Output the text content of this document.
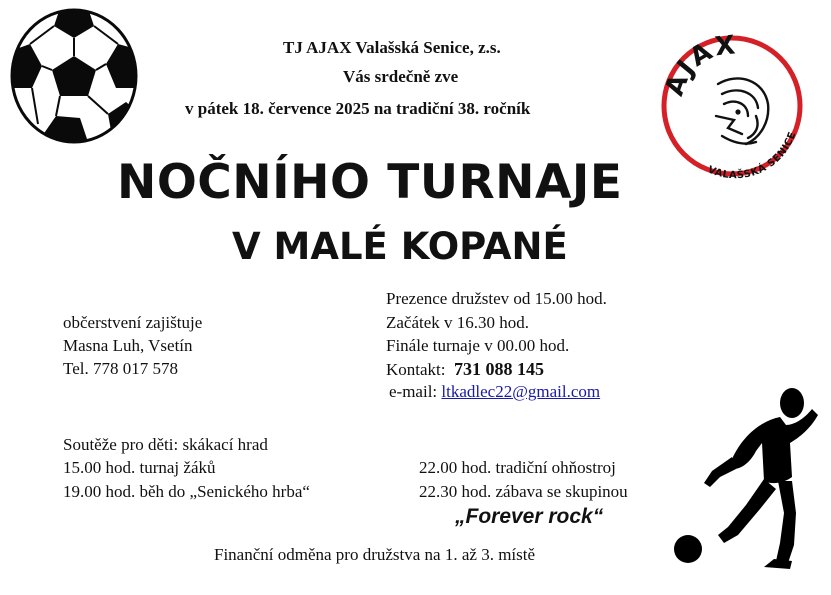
TJ AJAX Valašská Senice, z.s.
Vás srdečně zve
v pátek 18. července 2025 na tradiční 38. ročník
AJAX
VALAŠSKÁ SENICE
NOČNÍHO TURNAJE
V MALÉ KOPANÉ
občerstvení zajištuje
Masna Luh, Vsetín
Tel. 778 017 578
Prezence družstev od 15.00 hod.
Začátek v 16.30 hod.
Finále turnaje v 00.00 hod.
Kontakt: 731 088 145
e-mail: ltkadlec22@gmail.com
Soutěže pro děti: skákací hrad
15.00 hod. turnaj žáků
19.00 hod. běh do „Senického hrba“
22.00 hod. tradiční ohňostroj
22.30 hod. zábava se skupinou
„Forever rock“
Finanční odměna pro družstva na 1. až 3. místě
